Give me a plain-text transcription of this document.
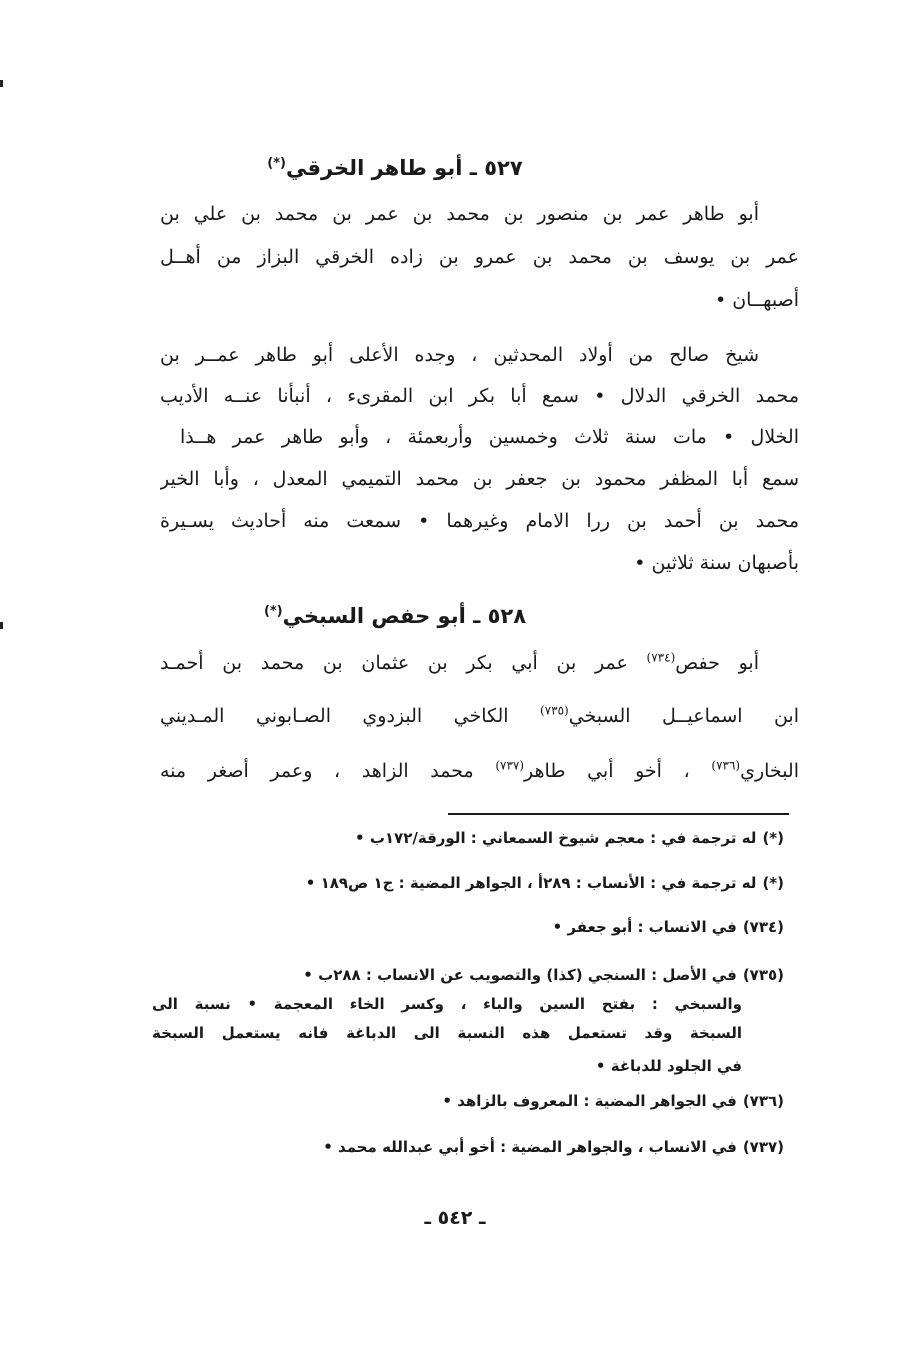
٥٢٧ ـ أبو طاهر الخرقي(*)
أبو طاهر عمر بن منصور بن محمد بن عمر بن محمد بن علي بن
عمر بن يوسف بن محمد بن عمرو بن زاده الخرقي البزاز من أهــل
أصبهــان •
شيخ صالح من أولاد المحدثين ، وجده الأعلى أبو طاهر عمــر بن
محمد الخرقي الدلال • سمع أبا بكر ابن المقرىء ، أنبأنا عنــه الأديب
الخلال • مات سنة ثلاث وخمسين وأربعمئة ، وأبو طاهر عمر هــذا
سمع أبا المظفر محمود بن جعفر بن محمد التميمي المعدل ، وأبا الخير
محمد بن أحمد بن ررا الامام وغيرهما • سمعت منه أحاديث يسـيرة
بأصبهان سنة ثلاثين •
٥٢٨ ـ أبو حفص السبخي(*)
أبو حفص$^{(٧٣٤)}$ عمر بن أبي بكر بن عثمان بن محمد بن أحمـد
ابن اسماعيــل السبخي$^{(٧٣٥)}$ الكاخي البزدوي الصـابوني المـديني
البخاري$^{(٧٣٦)}$ ، أخو أبي طاهر$^{(٧٣٧)}$ محمد الزاهد ، وعمر أصغر منه
(*)له ترجمة في : معجم شيوخ السمعاني : الورقة/١٧٢ب •
(*)له ترجمة في : الأنساب : ٢٨٩أ ، الجواهر المضية : ج١ ص١٨٩ •
(٧٣٤)في الانساب : أبو جعفر •
(٧٣٥)في الأصل : السنجي (كذا) والتصويب عن الانساب : ٢٨٨ب •
والسبخي : بفتح السين والباء ، وكسر الخاء المعجمة • نسبة الى
السبخة وقد تستعمل هذه النسبة الى الدباغة فانه يستعمل السبخة
في الجلود للدباغة •
(٧٣٦)في الجواهر المضية : المعروف بالزاهد •
(٧٣٧)في الانساب ، والجواهر المضية : أخو أبي عبدالله محمد •
ـ ٥٤٢ ـ
